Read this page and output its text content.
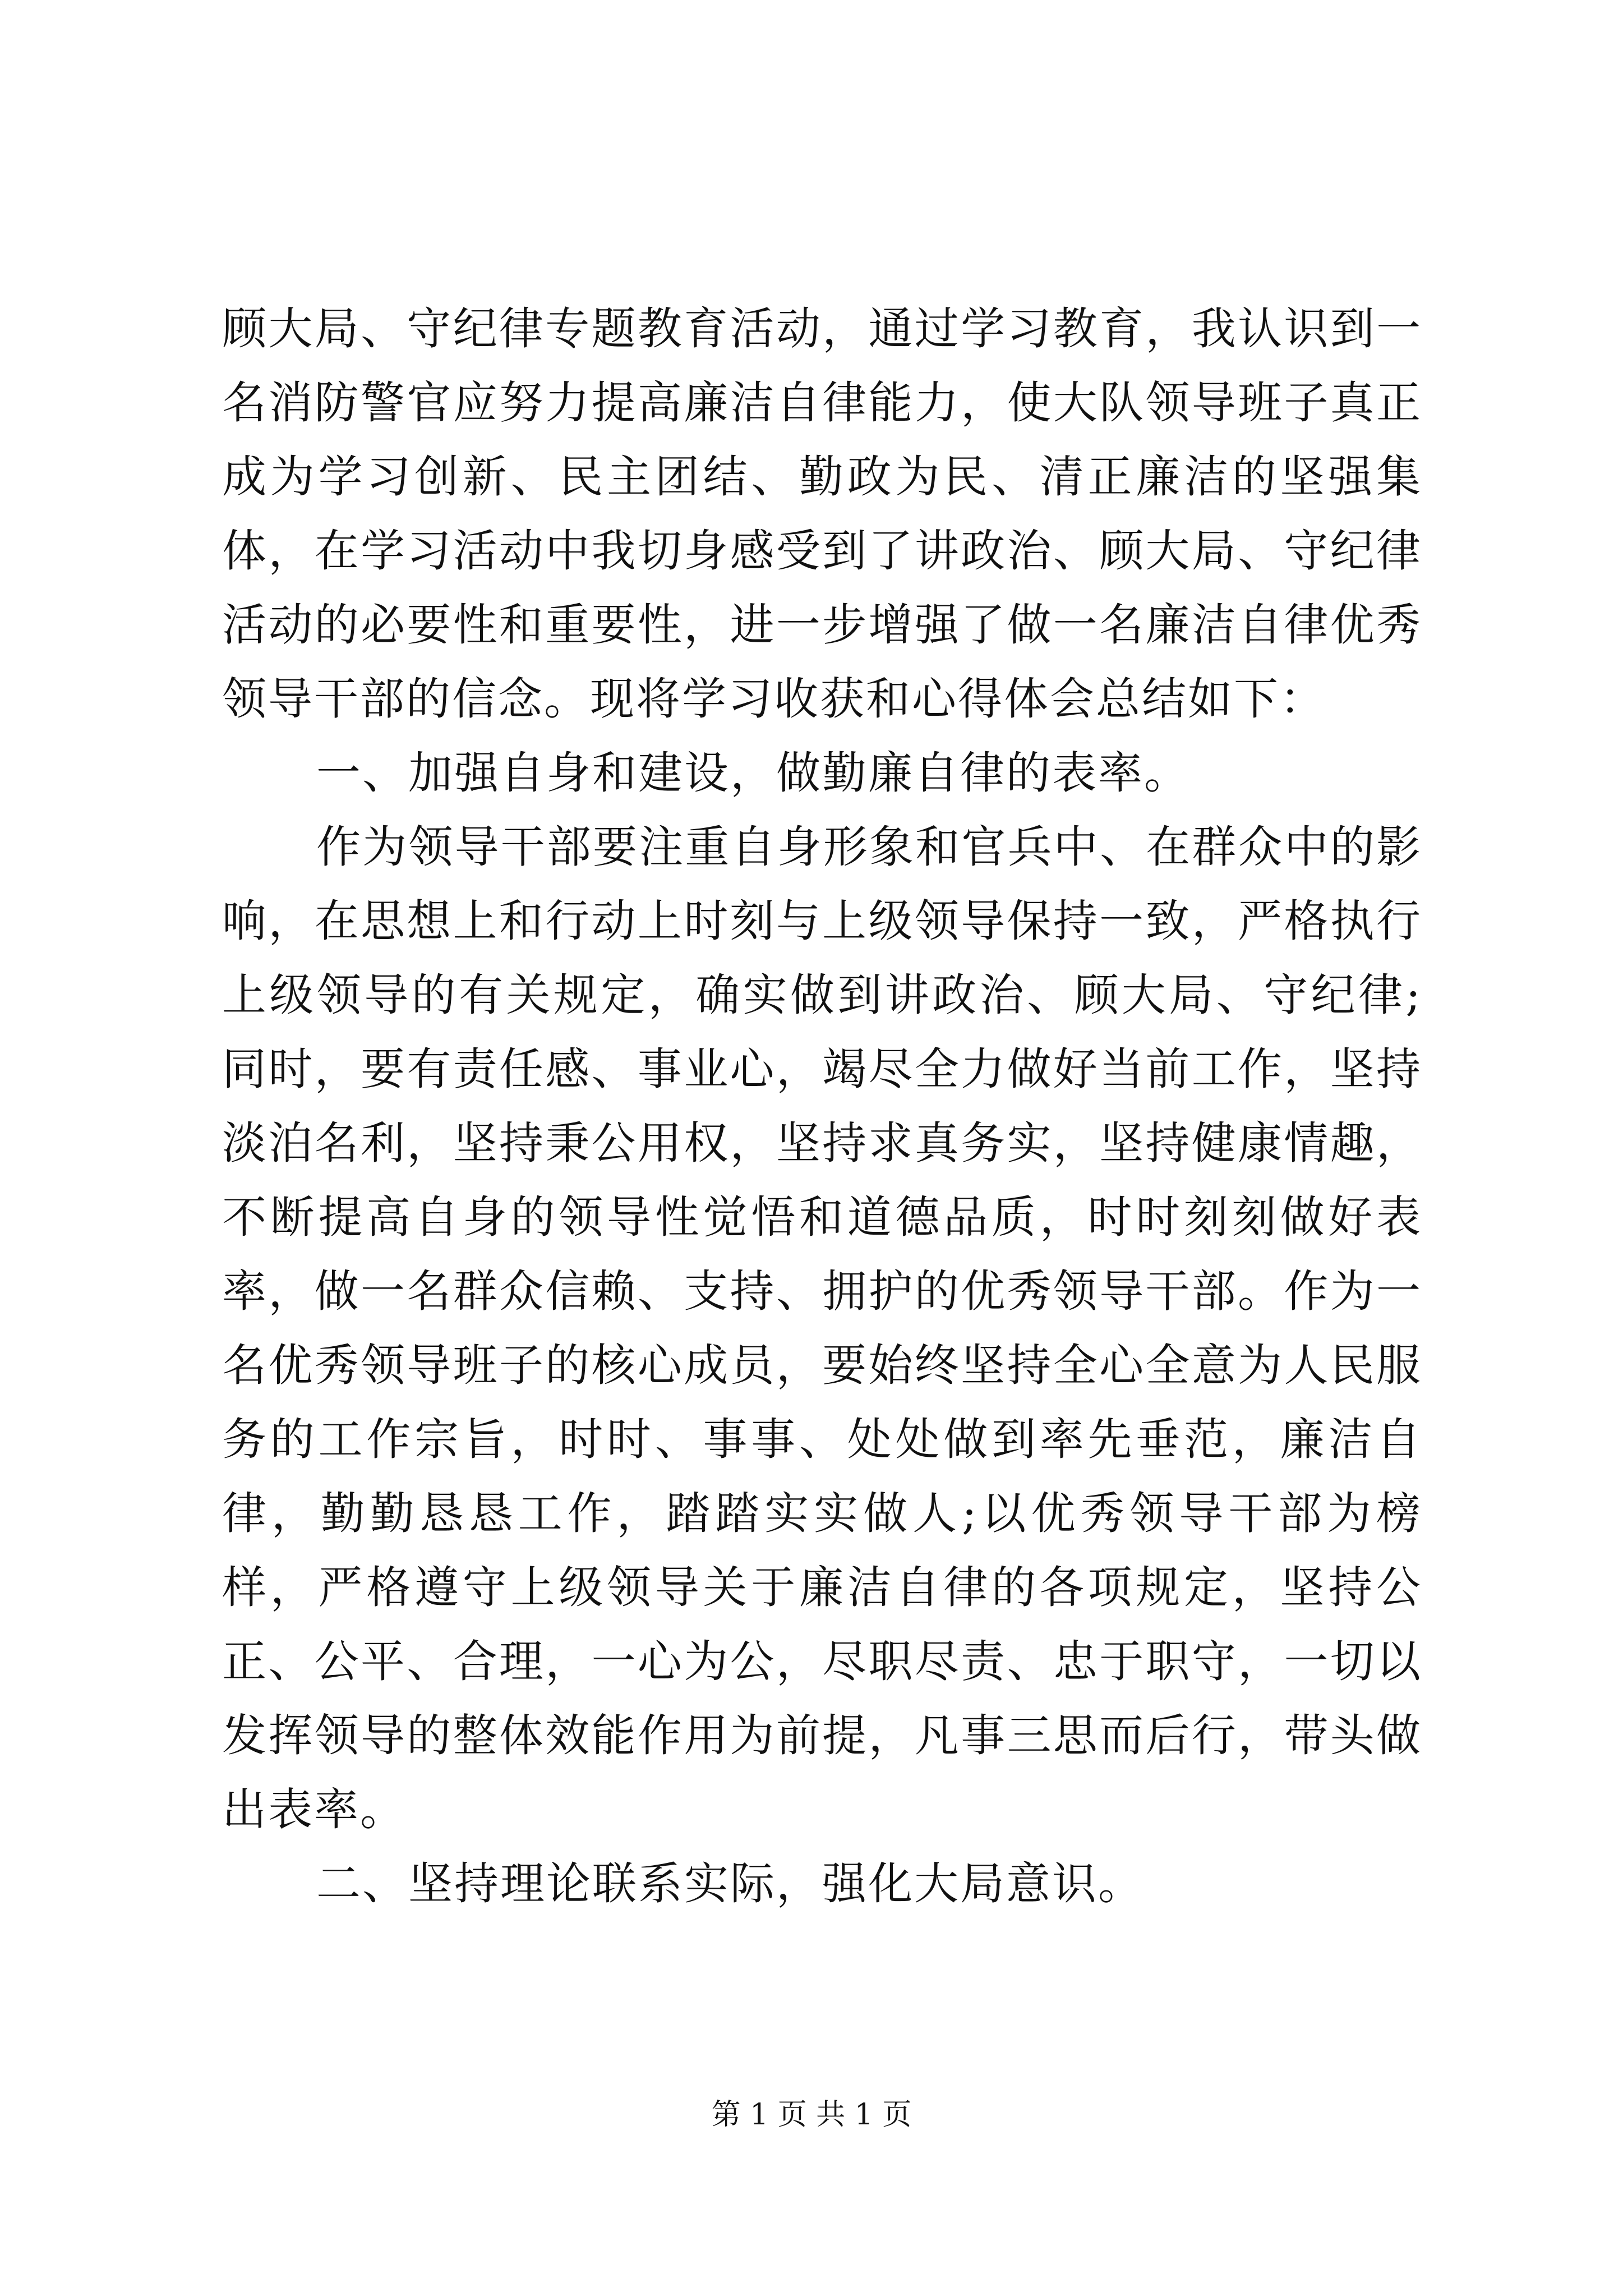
顾大局、守纪律专题教育活动，通过学习教育，我认识到一名消防警官应努力提高廉洁自律能力，使大队领导班子真正成为学习创新、民主团结、勤政为民、清正廉洁的坚强集体，在学习活动中我切身感受到了讲政治、顾大局、守纪律活动的必要性和重要性，进一步增强了做一名廉洁自律优秀领导干部的信念。现将学习收获和心得体会总结如下：

一、加强自身和建设，做勤廉自律的表率。

作为领导干部要注重自身形象和官兵中、在群众中的影响，在思想上和行动上时刻与上级领导保持一致，严格执行上级领导的有关规定，确实做到讲政治、顾大局、守纪律;同时，要有责任感、事业心，竭尽全力做好当前工作，坚持淡泊名利，坚持秉公用权，坚持求真务实，坚持健康情趣，不断提高自身的领导性觉悟和道德品质，时时刻刻做好表率，做一名群众信赖、支持、拥护的优秀领导干部。作为一名优秀领导班子的核心成员，要始终坚持全心全意为人民服务的工作宗旨，时时、事事、处处做到率先垂范，廉洁自律，勤勤恳恳工作，踏踏实实做人;以优秀领导干部为榜样，严格遵守上级领导关于廉洁自律的各项规定，坚持公正、公平、合理，一心为公，尽职尽责、忠于职守，一切以发挥领导的整体效能作用为前提，凡事三思而后行，带头做出表率。

二、坚持理论联系实际，强化大局意识。

第 1 页 共 1 页
